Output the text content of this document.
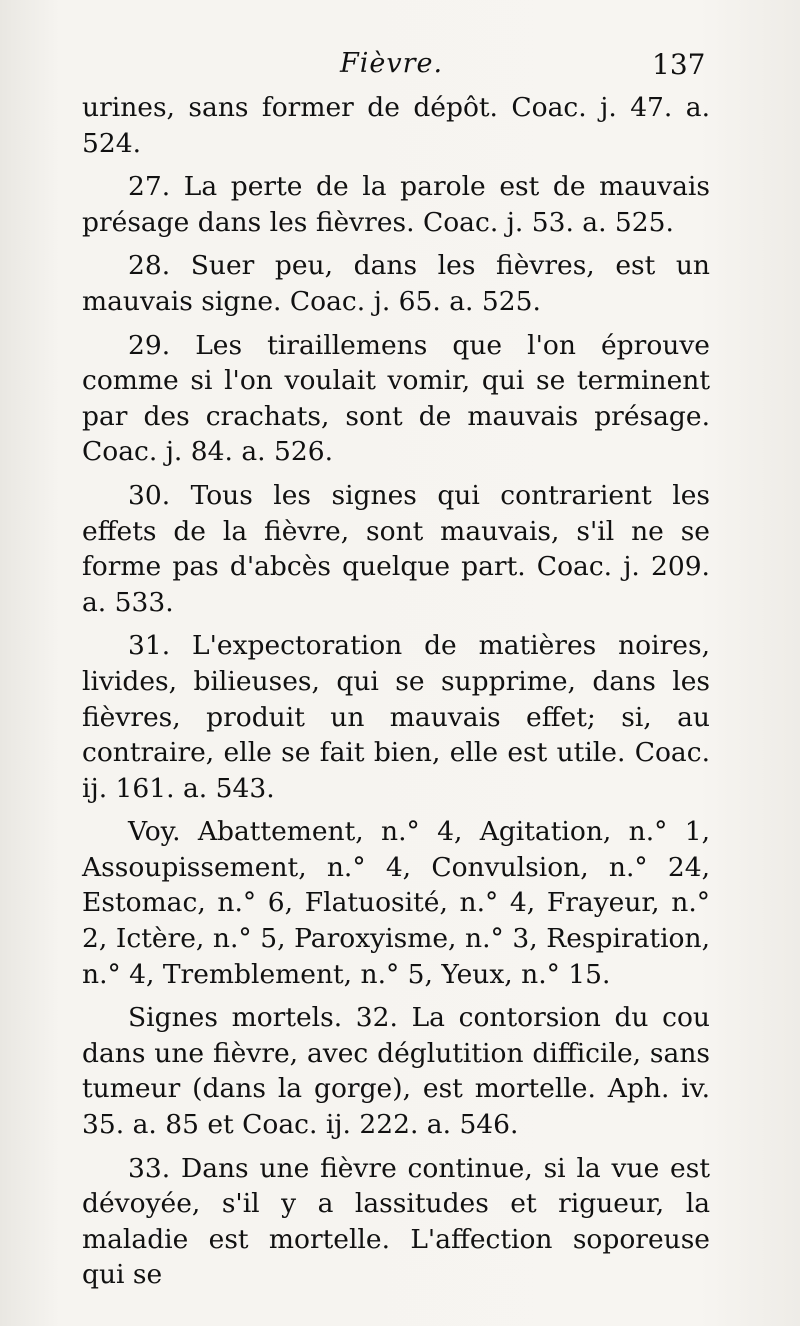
Fièvre.	137

urines, sans former de dépôt. Coac. j. 47. a. 524.

27. La perte de la parole est de mauvais présage dans les fièvres. Coac. j. 53. a. 525.

28. Suer peu, dans les fièvres, est un mauvais signe. Coac. j. 65. a. 525.

29. Les tiraillemens que l'on éprouve comme si l'on voulait vomir, qui se terminent par des crachats, sont de mauvais présage. Coac. j. 84. a. 526.

30. Tous les signes qui contrarient les effets de la fièvre, sont mauvais, s'il ne se forme pas d'abcès quelque part. Coac. j. 209. a. 533.

31. L'expectoration de matières noires, livides, bilieuses, qui se supprime, dans les fièvres, produit un mauvais effet; si, au contraire, elle se fait bien, elle est utile. Coac. ij. 161. a. 543.

Voy. Abattement, n.° 4, Agitation, n.° 1, Assoupissement, n.° 4, Convulsion, n.° 24, Estomac, n.° 6, Flatuosité, n.° 4, Frayeur, n.° 2, Ictère, n.° 5, Paroxyisme, n.° 3, Respiration, n.° 4, Tremblement, n.° 5, Yeux, n.° 15.

Signes mortels. 32. La contorsion du cou dans une fièvre, avec déglutition difficile, sans tumeur (dans la gorge), est mortelle. Aph. iv. 35. a. 85 et Coac. ij. 222. a. 546.

33. Dans une fièvre continue, si la vue est dévoyée, s'il y a lassitudes et rigueur, la maladie est mortelle. L'affection soporeuse qui se
